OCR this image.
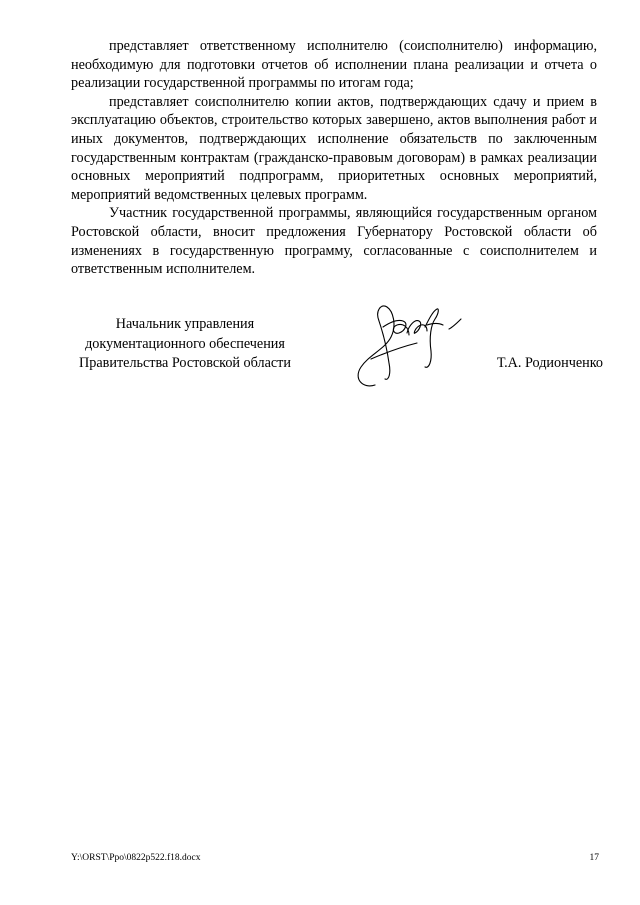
представляет ответственному исполнителю (соисполнителю) информацию, необходимую для подготовки отчетов об исполнении плана реализации и отчета о реализации государственной программы по итогам года;

представляет соисполнителю копии актов, подтверждающих сдачу и прием в эксплуатацию объектов, строительство которых завершено, актов выполнения работ и иных документов, подтверждающих исполнение обязательств по заключенным государственным контрактам (гражданско-правовым договорам) в рамках реализации основных мероприятий подпрограмм, приоритетных основных мероприятий, мероприятий ведомственных целевых программ.

Участник государственной программы, являющийся государственным органом Ростовской области, вносит предложения Губернатору Ростовской области об изменениях в государственную программу, согласованные с соисполнителем и ответственным исполнителем.

Начальник управления
документационного обеспечения
Правительства Ростовской области	Т.А. Родионченко
Y:\ORST\Ppo\0822p522.f18.docx	17
